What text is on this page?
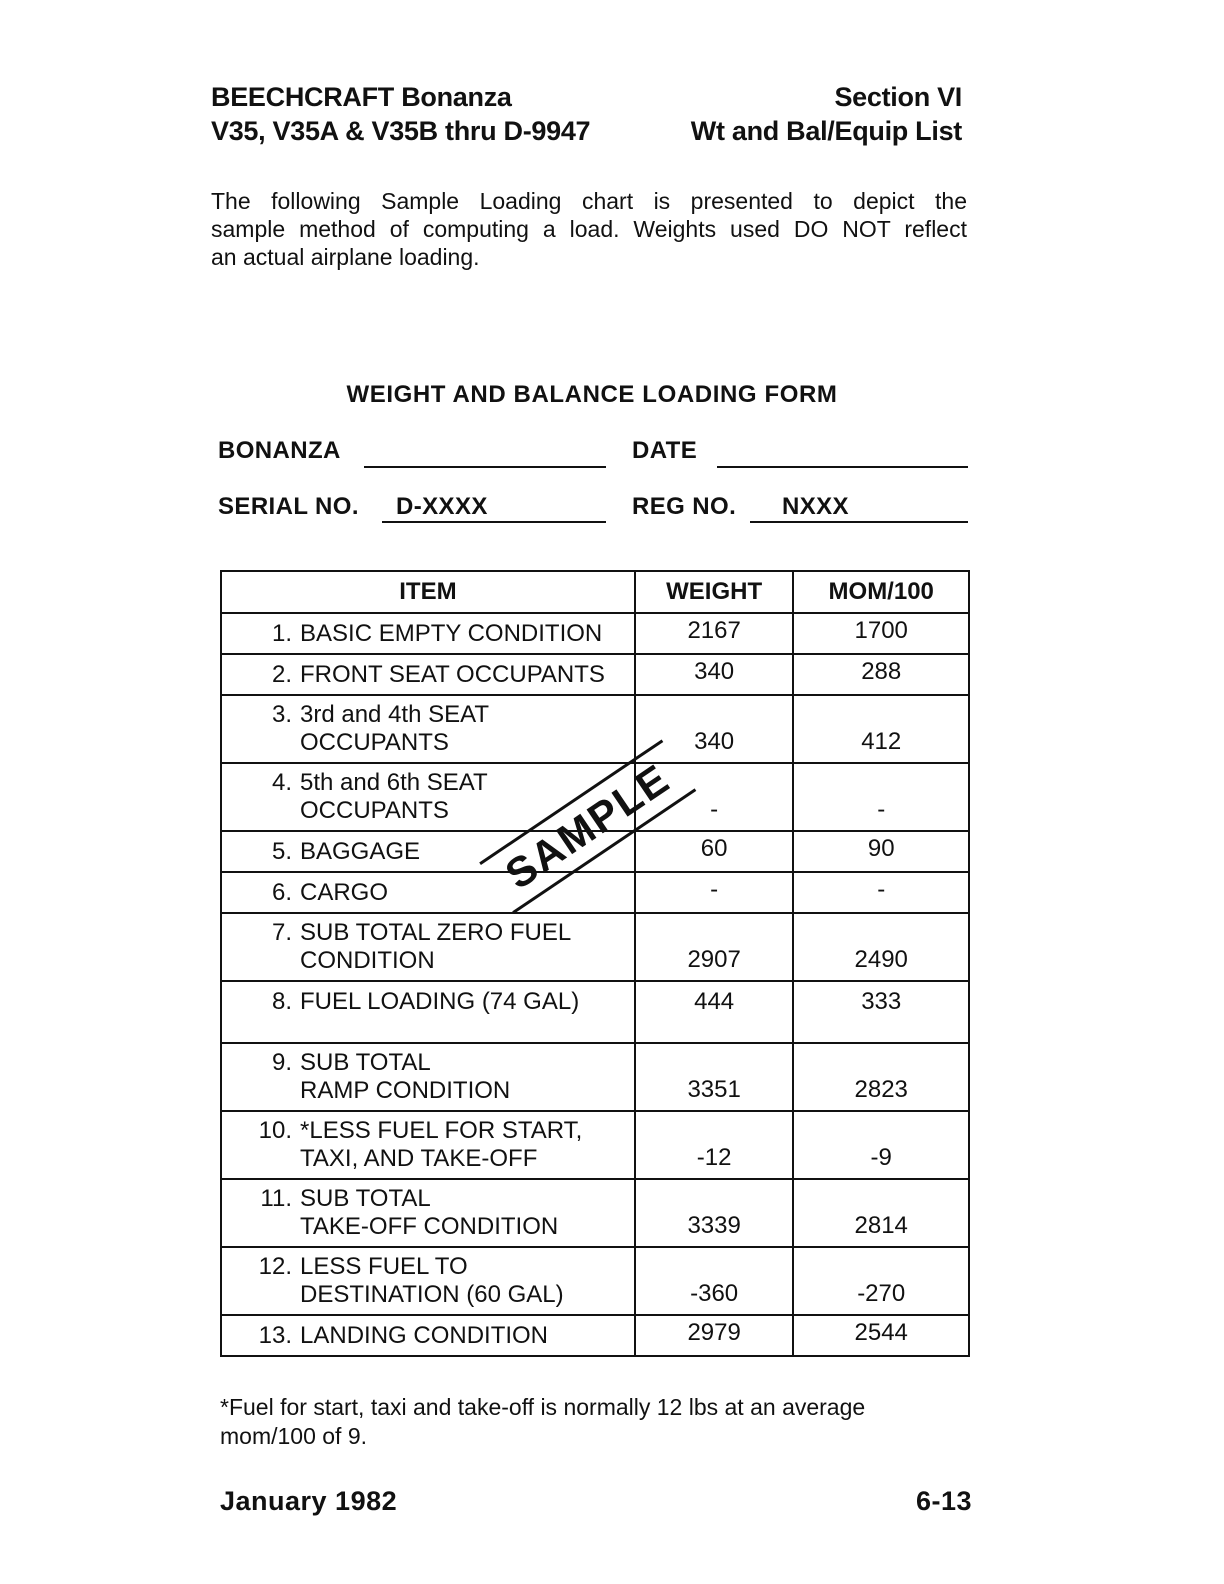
BEECHCRAFT Bonanza
V35, V35A & V35B thru D-9947
Section VI
Wt and Bal/Equip List
The following Sample Loading chart is presented to depict the
sample method of computing a load. Weights used DO NOT reflect
an actual airplane loading.
WEIGHT AND BALANCE LOADING FORM
BONANZA	DATE
SERIAL NO.	D-XXXX	REG NO.	NXXX
ITEM	WEIGHT	MOM/100

1. BASIC EMPTY CONDITION	2167	1700

2. FRONT SEAT OCCUPANTS	340	288

3. 3rd and 4th SEAT
OCCUPANTS	340	412

4. 5th and 6th SEAT
OCCUPANTS	-	-

5. BAGGAGE	60	90

6. CARGO	-	-

7. SUB TOTAL ZERO FUEL
CONDITION	2907	2490

8. FUEL LOADING (74 GAL)	444	333

9. SUB TOTAL
RAMP CONDITION	3351	2823

10. *LESS FUEL FOR START,
TAXI, AND TAKE-OFF	-12	-9

11. SUB TOTAL
TAKE-OFF CONDITION	3339	2814

12. LESS FUEL TO
DESTINATION (60 GAL)	-360	-270

13. LANDING CONDITION	2979	2544
SAMPLE
*Fuel for start, taxi and take-off is normally 12 lbs at an average
mom/100 of 9.
January 1982	6-13
